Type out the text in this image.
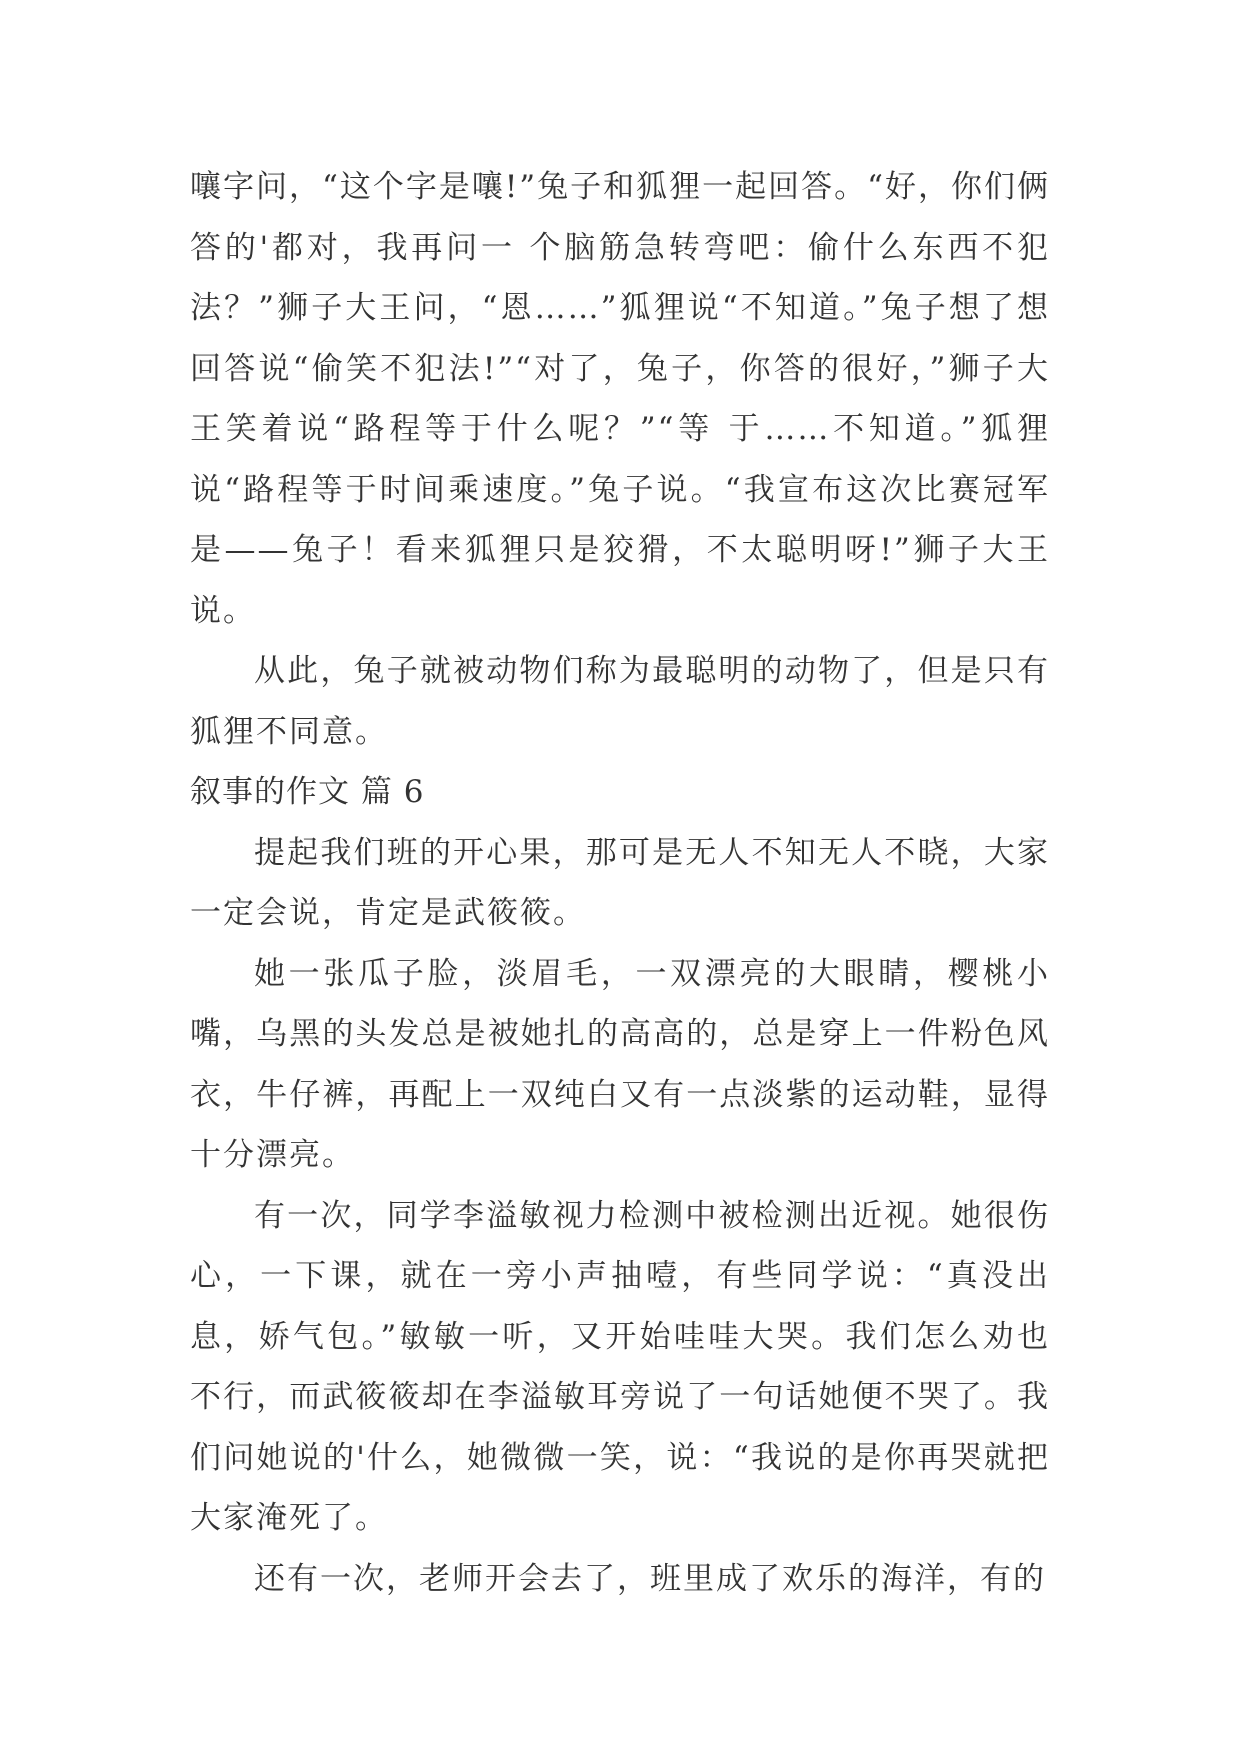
嚷字问，“这个字是嚷!”兔子和狐狸一起回答。“好，你们俩答的'都对，我再问一 个脑筋急转弯吧：偷什么东西不犯法？”狮子大王问，“恩……”狐狸说“不知道。”兔子想了想回答说“偷笑不犯法!”“对了，兔子，你答的很好，”狮子大王笑着说“路程等于什么呢？”“等 于……不知道。”狐狸说“路程等于时间乘速度。”兔子说。“我宣布这次比赛冠军是——兔子！看来狐狸只是狡猾，不太聪明呀!”狮子大王说。

从此，兔子就被动物们称为最聪明的动物了，但是只有狐狸不同意。

叙事的作文 篇 6

提起我们班的开心果，那可是无人不知无人不晓，大家一定会说，肯定是武筱筱。

她一张瓜子脸，淡眉毛，一双漂亮的大眼睛，樱桃小嘴，乌黑的头发总是被她扎的高高的，总是穿上一件粉色风衣，牛仔裤，再配上一双纯白又有一点淡紫的运动鞋，显得十分漂亮。

有一次，同学李溢敏视力检测中被检测出近视。她很伤心，一下课，就在一旁小声抽噎，有些同学说：“真没出息，娇气包。”敏敏一听，又开始哇哇大哭。我们怎么劝也不行，而武筱筱却在李溢敏耳旁说了一句话她便不哭了。我们问她说的'什么，她微微一笑，说：“我说的是你再哭就把大家淹死了。

还有一次，老师开会去了，班里成了欢乐的海洋，有的
